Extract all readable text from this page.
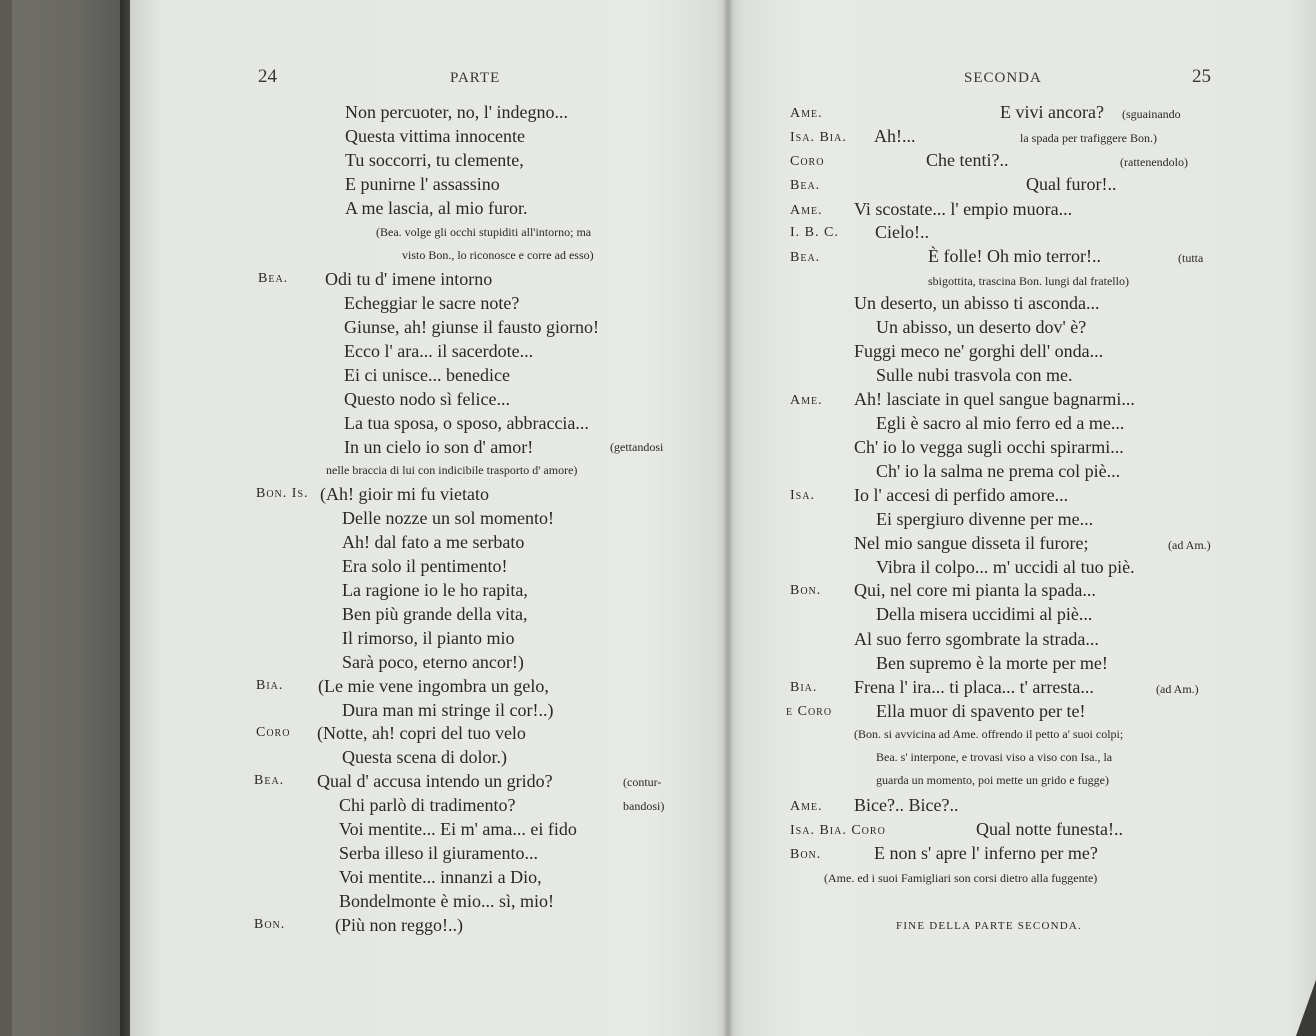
24	PARTE
Non percuoter, no, l' indegno...
Questa vittima innocente
Tu soccorri, tu clemente,
E punirne l' assassino
A me lascia, al mio furor.
(Bea. volge gli occhi stupiditi all'intorno; ma
visto Bon., lo riconosce e corre ad esso)
Bea. Odi tu d' imene intorno
Echeggiar le sacre note?
Giunse, ah! giunse il fausto giorno!
Ecco l' ara... il sacerdote...
Ei ci unisce... benedice
Questo nodo sì felice...
La tua sposa, o sposo, abbraccia...
In un cielo io son d' amor!	(gettandosi
nelle braccia di lui con indicibile trasporto d' amore)
Bon. Is. (Ah! gioir mi fu vietato
Delle nozze un sol momento!
Ah! dal fato a me serbato
Era solo il pentimento!
La ragione io le ho rapita,
Ben più grande della vita,
Il rimorso, il pianto mio
Sarà poco, eterno ancor!)
Bia. (Le mie vene ingombra un gelo,
Dura man mi stringe il cor!..)
Coro (Notte, ah! copri del tuo velo
Questa scena di dolor.)
Bea. Qual d' accusa intendo un grido?	(contur-
Chi parlò di tradimento?	bandosi)
Voi mentite... Ei m' ama... ei fido
Serba illeso il giuramento...
Voi mentite... innanzi a Dio,
Bondelmonte è mio... sì, mio!
Bon.	(Più non reggo!..)
SECONDA	25
Ame.	E vivi ancora? (sguainando
Isa. Bia. Ah!...	la spada per trafiggere Bon.)
Coro	Che tenti?..	(rattenendolo)
Bea.	Qual furor!..
Ame. Vi scostate... l' empio muora...
I. B. C. Cielo!..
Bea.	È folle! Oh mio terror!..	(tutta
sbigottita, trascina Bon. lungi dal fratello)
Un deserto, un abisso ti asconda...
Un abisso, un deserto dov' è?
Fuggi meco ne' gorghi dell' onda...
Sulle nubi trasvola con me.
Ame. Ah! lasciate in quel sangue bagnarmi...
Egli è sacro al mio ferro ed a me...
Ch' io lo vegga sugli occhi spirarmi...
Ch' io la salma ne prema col piè...
Isa. Io l' accesi di perfido amore...
Ei spergiuro divenne per me...
Nel mio sangue disseta il furore;	(ad Am.)
Vibra il colpo... m' uccidi al tuo piè.
Bon. Qui, nel core mi pianta la spada...
Della misera uccidimi al piè...
Al suo ferro sgombrate la strada...
Ben supremo è la morte per me!
Bia. Frena l' ira... ti placa... t' arresta...	(ad Am.)
e Coro Ella muor di spavento per te!
(Bon. si avvicina ad Ame. offrendo il petto a' suoi colpi;
Bea. s' interpone, e trovasi viso a viso con Isa., la
guarda un momento, poi mette un grido e fugge)
Ame. Bice?.. Bice?..
Isa. Bia. Coro	Qual notte funesta!..
Bon.	E non s' apre l' inferno per me?
(Ame. ed i suoi Famigliari son corsi dietro alla fuggente)
FINE DELLA PARTE SECONDA.
